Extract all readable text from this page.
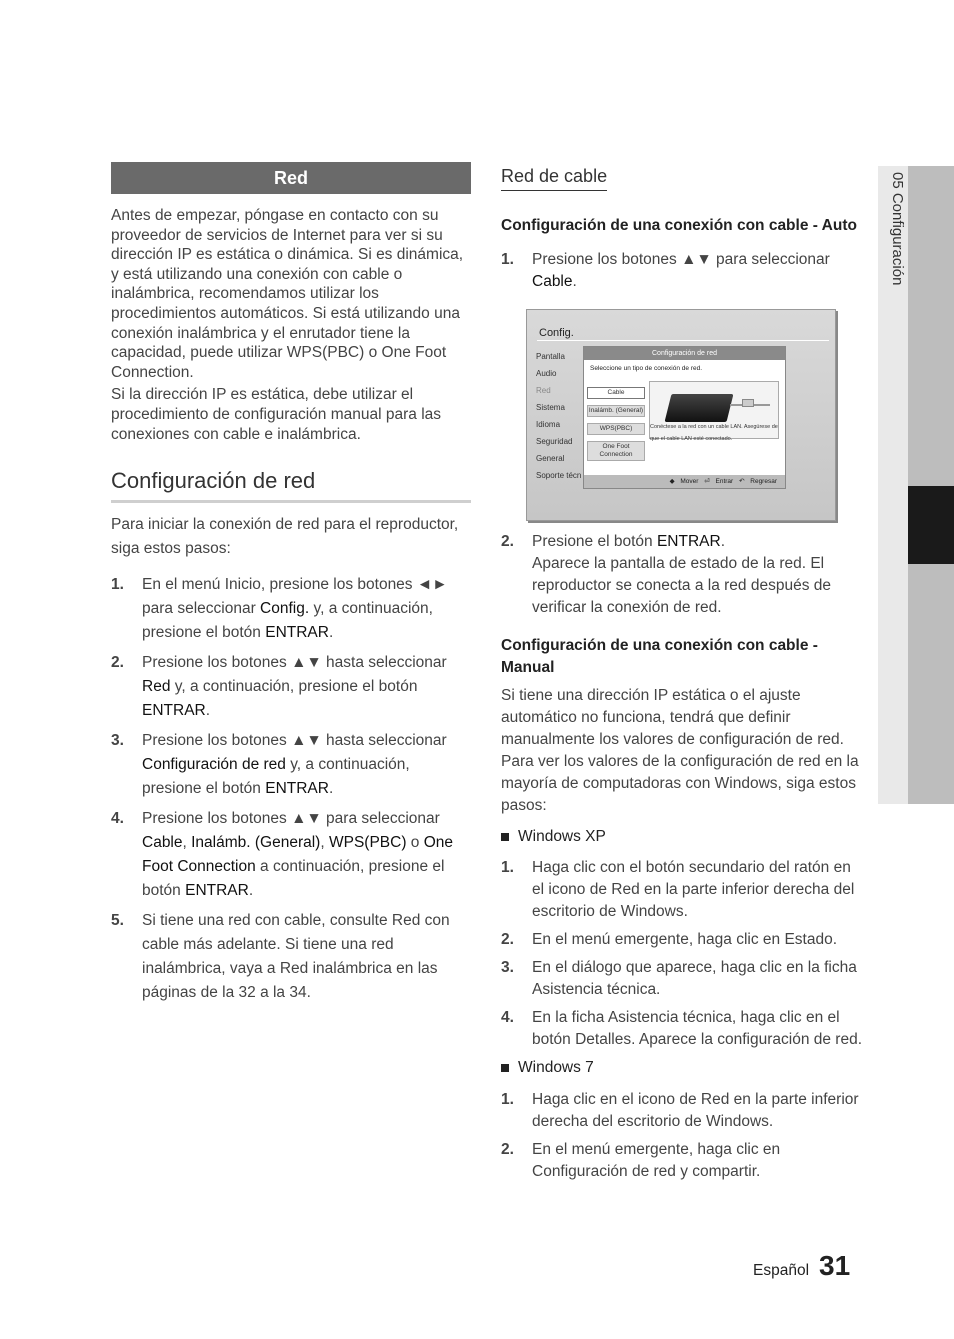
05 Configuración
Red

Antes de empezar, póngase en contacto con su proveedor de servicios de Internet para ver si su dirección IP es estática o dinámica. Si es dinámica, y está utilizando una conexión con cable o inalámbrica, recomendamos utilizar los procedimientos automáticos. Si está utilizando una conexión inalámbrica y el enrutador tiene la capacidad, puede utilizar WPS(PBC) o One Foot Connection.

Si la dirección IP es estática, debe utilizar el procedimiento de configuración manual para las conexiones con cable e inalámbrica.

Configuración de red
Para iniciar la conexión de red para el reproductor, siga estos pasos:
1.	En el menú Inicio, presione los botones ◄► para seleccionar Config. y, a continuación, presione el botón ENTRAR.
2.	Presione los botones ▲▼ hasta seleccionar Red y, a continuación, presione el botón ENTRAR.
3.	Presione los botones ▲▼ hasta seleccionar Configuración de red y, a continuación, presione el botón ENTRAR.
4.	Presione los botones ▲▼ para seleccionar Cable, Inalámb. (General), WPS(PBC) o One Foot Connection a continuación, presione el botón ENTRAR.
5.	Si tiene una red con cable, consulte Red con cable más adelante. Si tiene una red inalámbrica, vaya a Red inalámbrica en las páginas de la 32 a la 34.
Red de cable
Configuración de una conexión con cable - Auto
1.	Presione los botones ▲▼ para seleccionar Cable.
Config.
Pantalla
Audio
Red
Sistema
Idioma
Seguridad
General
Soporte técn
Configuración de red
Seleccione un tipo de conexión de red.
Cable
Inalámb. (General)
WPS(PBC)
One Foot Connection
Conéctese a la red con un cable LAN. Asegúrese de que el cable LAN esté conectado.
◆ Mover ⏎ Entrar ↶ Regresar
2.	Presione el botón ENTRAR.
Aparece la pantalla de estado de la red. El reproductor se conecta a la red después de verificar la conexión de red.
Configuración de una conexión con cable - Manual
Si tiene una dirección IP estática o el ajuste automático no funciona, tendrá que definir manualmente los valores de configuración de red. Para ver los valores de la configuración de red en la mayoría de computadoras con Windows, siga estos pasos:
Windows XP
1.	Haga clic con el botón secundario del ratón en el icono de Red en la parte inferior derecha del escritorio de Windows.
2.	En el menú emergente, haga clic en Estado.
3.	En el diálogo que aparece, haga clic en la ficha Asistencia técnica.
4.	En la ficha Asistencia técnica, haga clic en el botón Detalles. Aparece la configuración de red.
Windows 7
1.	Haga clic en el icono de Red en la parte inferior derecha del escritorio de Windows.
2.	En el menú emergente, haga clic en Configuración de red y compartir.
Español 31
